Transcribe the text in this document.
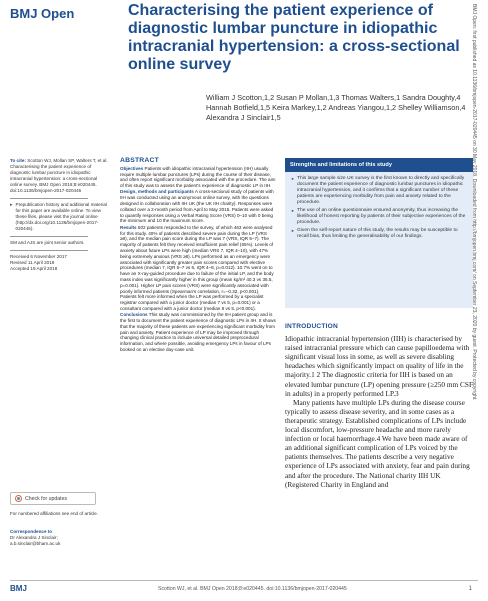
BMJ Open	Characterising the patient experience of diagnostic lumbar puncture in idiopathic intracranial hypertension: a cross-sectional online survey
William J Scotton,1,2 Susan P Mollan,1,3 Thomas Walters,1 Sandra Doughty,4
Hannah Botfield,1,5 Keira Markey,1,2 Andreas Yiangou,1,2 Shelley Williamson,4
Alexandra J Sinclair1,5

To cite: Scotton WJ, Mollan SP, Walters T, et al. Characterising the patient experience of diagnostic lumbar puncture in idiopathic intracranial hypertension: a cross-sectional online survey. BMJ Open 2018;8:e020445. doi:10.1136/bmjopen-2017-020445

▸ Prepublication history and additional material for this paper are available online. To view these files, please visit the journal online (http://dx.doi.org/10.1136/bmjopen-2017-020445).

SM and AJS are joint senior authors.

Received 6 November 2017
Revised 11 April 2018
Accepted 19 April 2018

Check for updates
For numbered affiliations see end of article.
Correspondence to
Dr Alexandra J Sinclair;
a.b.sinclair@bham.ac.uk
ABSTRACT

Objectives Patients with idiopathic intracranial hypertension (IIH) usually require multiple lumbar punctures (LPs) during the course of their disease, and often report significant morbidity associated with the procedure. The aim of this study was to assess the patient's experience of diagnostic LP in IIH.

Design, methods and participants A cross-sectional study of patients with IIH was conducted using an anonymous online survey, with the questions designed in collaboration with IIH UK (the UK IIH charity). Responses were collated over a 2-month period from April to May 2015. Patients were asked to quantify responses using a Verbal Rating Score (VRS) 0–10 with 0 being the minimum and 10 the maximum score.

Results 502 patients responded to the survey, of which 463 were analysed for this study. 40% of patients described severe pain during the LP (VRS ≥8), and the median pain score during the LP was 7 (VRS, IQR 5–7). The majority of patients felt they received insufficient pain relief (65%). Levels of anxiety about future LPs were high (median VRS 7, IQR 4–10), with 47% being extremely anxious (VRS ≥8). LPs performed as an emergency were associated with significantly greater pain scores compared with elective procedures (median 7, IQR 5–7 vs 6, IQR 4–8, p=0.012). 10.7% went on to have an X-ray-guided procedure due to failure of the initial LP, and the body mass index was significantly higher in this group (mean kg/m² 40.3 vs 35.5, p=0.001). Higher LP pain scores (VRS) were significantly associated with poorly informed patients (Spearman's correlation, r=−0.32, p<0.001). Patients felt more informed when the LP was performed by a specialist registrar compared with a junior doctor (median 7 vs 5, p=0.001) or a consultant compared with a junior doctor (median 8 vs 5, p<0.001).

Conclusions This study was commissioned by the IIH patient group and is the first to document the patient experience of diagnostic LPs in IIH. It shows that the majority of these patients are experiencing significant morbidity from pain and anxiety. Patient experience of LP may be improved through changing clinical practice to include universal detailed preprocedural information, and where possible, avoiding emergency LPs in favour of LPs booked on an elective day-case unit.

Strengths and limitations of this study
► This large sample size UK survey is the first known to directly and specifically document the patient experience of diagnostic lumbar punctures in idiopathic intracranial hypertension, and it confirms that a significant number of these patients are experiencing morbidity from pain and anxiety related to the procedure.
► The use of an online questionnaire ensured anonymity, thus increasing the likelihood of honest reporting by patients of their subjective experiences of the procedure.
► Given the self-report nature of this study, the results may be susceptible to recall bias, thus limiting the generalisability of our findings.
INTRODUCTION

Idiopathic intracranial hypertension (IIH) is characterised by raised intracranial pressure which can cause papilloedema with significant visual loss in some, as well as severe disabling headaches which significantly impact on quality of life in the majority.1 2 The diagnostic criteria for IIH is based on an elevated lumbar puncture (LP) opening pressure (≥250 mm CSF in adults) in a properly performed LP.3

Many patients have multiple LPs during the disease course typically to assess disease severity, and in some cases as a therapeutic strategy. Established complications of LPs include local discomfort, low-pressure headache and more rarely infection or local haemorrhage.4 We have been made aware of an additional significant complication of LPs voiced by the patients themselves. The patients describe a very negative experience of LPs associated with anxiety, fear and pain during and after the procedure. The National charity IIH UK (Registered Charity in England and

BMJ Open: first published as 10.1136/bmjopen-2017-020445 on 30 May 2018. Downloaded from http://bmjopen.bmj.com/ on September 23, 2020 by guest. Protected by copyright.
BMJ	Scotton WJ, et al. BMJ Open 2018;8:e020445. doi:10.1136/bmjopen-2017-020445	1
